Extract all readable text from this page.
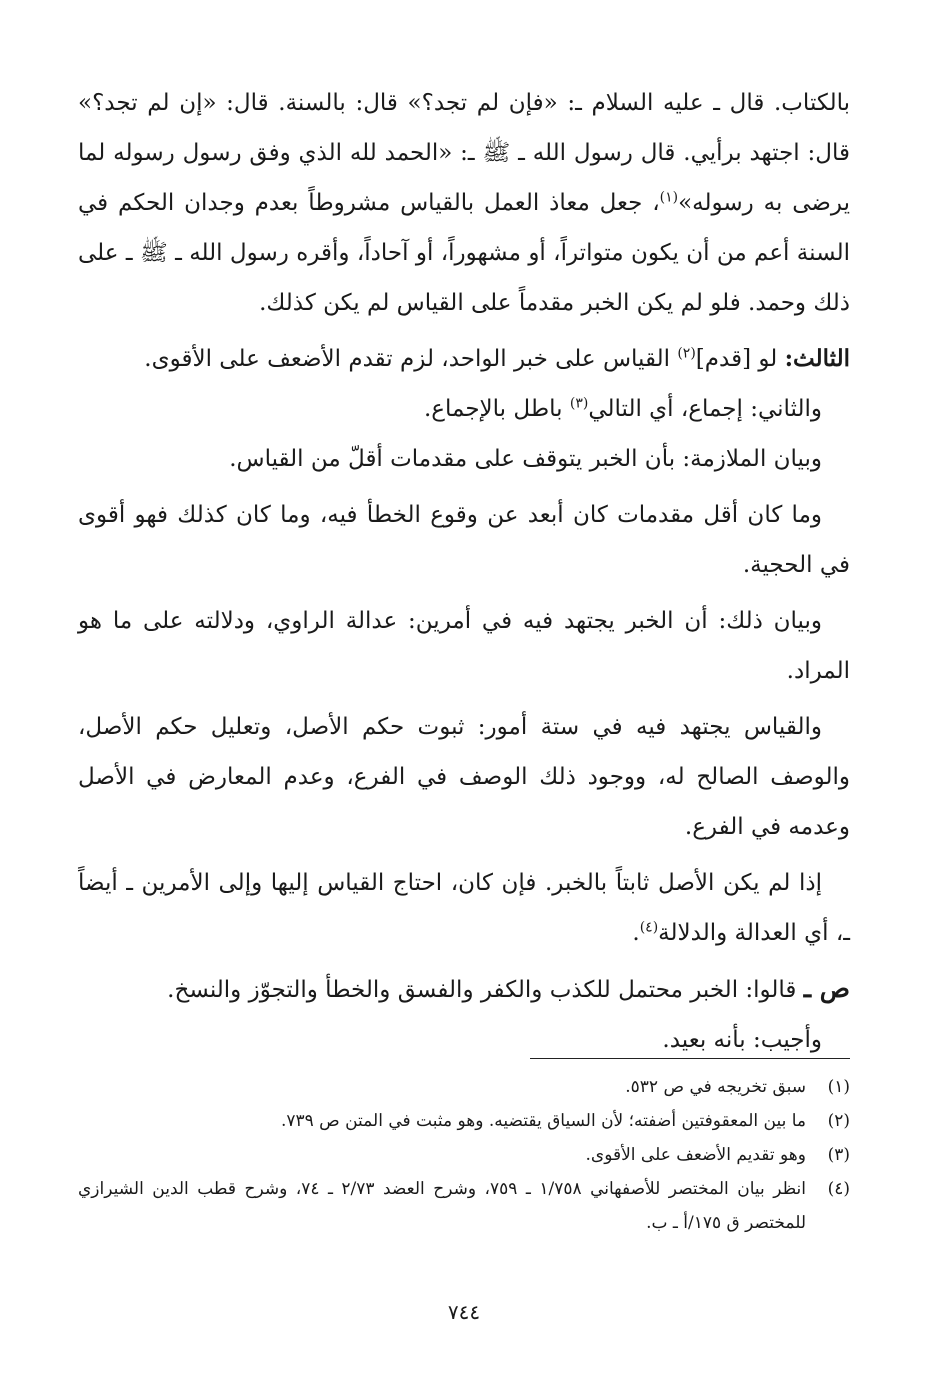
بالكتاب. قال ـ عليه السلام ـ: «فإن لم تجد؟» قال: بالسنة. قال: «إن لم تجد؟» قال: اجتهد برأيي. قال رسول الله ـ ﷺ ـ: «الحمد لله الذي وفق رسول رسوله لما يرضى به رسوله»$^{(١)}$، جعل معاذ العمل بالقياس مشروطاً بعدم وجدان الحكم في السنة أعم من أن يكون متواتراً، أو مشهوراً، أو آحاداً، وأقره رسول الله ـ ﷺ ـ على ذلك وحمد. فلو لم يكن الخبر مقدماً على القياس لم يكن كذلك.

الثالث: لو [قدم]$^{(٢)}$ القياس على خبر الواحد، لزم تقدم الأضعف على الأقوى.

والثاني: إجماع، أي التالي$^{(٣)}$ باطل بالإجماع.

وبيان الملازمة: بأن الخبر يتوقف على مقدمات أقلّ من القياس.

وما كان أقل مقدمات كان أبعد عن وقوع الخطأ فيه، وما كان كذلك فهو أقوى في الحجية.

وبيان ذلك: أن الخبر يجتهد فيه في أمرين: عدالة الراوي، ودلالته على ما هو المراد.

والقياس يجتهد فيه في ستة أمور: ثبوت حكم الأصل، وتعليل حكم الأصل، والوصف الصالح له، ووجود ذلك الوصف في الفرع، وعدم المعارض في الأصل وعدمه في الفرع.

إذا لم يكن الأصل ثابتاً بالخبر. فإن كان، احتاج القياس إليها وإلى الأمرين ـ أيضاً ـ، أي العدالة والدلالة$^{(٤)}$.

ص ـ قالوا: الخبر محتمل للكذب والكفر والفسق والخطأ والتجوّز والنسخ.

وأجيب: بأنه بعيد.

(١)
سبق تخريجه في ص ٥٣٢.

(٢)
ما بين المعقوفتين أضفته؛ لأن السياق يقتضيه. وهو مثبت في المتن ص ٧٣٩.

(٣)
وهو تقديم الأضعف على الأقوى.

(٤)
انظر بيان المختصر للأصفهاني ١/٧٥٨ ـ ٧٥٩، وشرح العضد ٢/٧٣ ـ ٧٤، وشرح قطب الدين الشيرازي للمختصر ق ١٧٥/أ ـ ب.

٧٤٤
